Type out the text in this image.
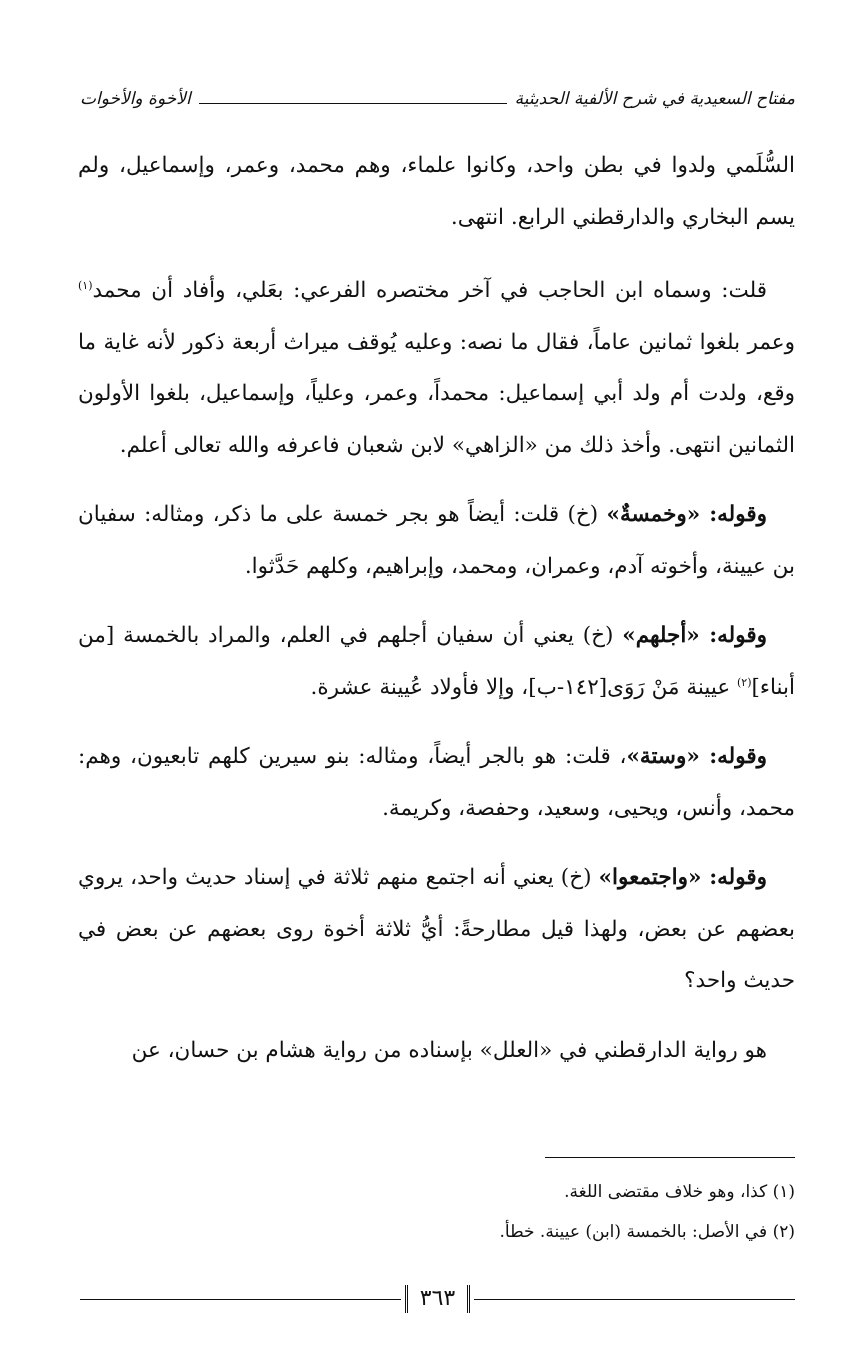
مفتاح السعيدية في شرح الألفية الحديثية
الأخوة والأخوات

السُّلَمي ولدوا في بطن واحد، وكانوا علماء، وهم محمد، وعمر، وإسماعيل، ولم يسم البخاري والدارقطني الرابع. انتهى.

قلت: وسماه ابن الحاجب في آخر مختصره الفرعي: بعَلي، وأفاد أن محمد$^{(١)}$ وعمر بلغوا ثمانين عاماً، فقال ما نصه: وعليه يُوقف ميراث أربعة ذكور لأنه غاية ما وقع، ولدت أم ولد أبي إسماعيل: محمداً، وعمر، وعلياً، وإسماعيل، بلغوا الأولون الثمانين انتهى. وأخذ ذلك من «الزاهي» لابن شعبان فاعرفه والله تعالى أعلم.

وقوله: «وخمسةٌ» (خ) قلت: أيضاً هو بجر خمسة على ما ذكر، ومثاله: سفيان بن عيينة، وأخوته آدم، وعمران، ومحمد، وإبراهيم، وكلهم حَدَّثوا.

وقوله: «أجلهم» (خ) يعني أن سفيان أجلهم في العلم، والمراد بالخمسة [من أبناء]$^{(٢)}$ عيينة مَنْ رَوَى[١٤٢-ب]، وإلا فأولاد عُيينة عشرة.

وقوله: «وستة»، قلت: هو بالجر أيضاً، ومثاله: بنو سيرين كلهم تابعيون، وهم: محمد، وأنس، ويحيى، وسعيد، وحفصة، وكريمة.

وقوله: «واجتمعوا» (خ) يعني أنه اجتمع منهم ثلاثة في إسناد حديث واحد، يروي بعضهم عن بعض، ولهذا قيل مطارحةً: أيُّ ثلاثة أخوة روى بعضهم عن بعض في حديث واحد؟

هو رواية الدارقطني في «العلل» بإسناده من رواية هشام بن حسان، عن

(١) كذا، وهو خلاف مقتضى اللغة.

(٢) في الأصل: بالخمسة (ابن) عيينة. خطأ.

٣٦٣
